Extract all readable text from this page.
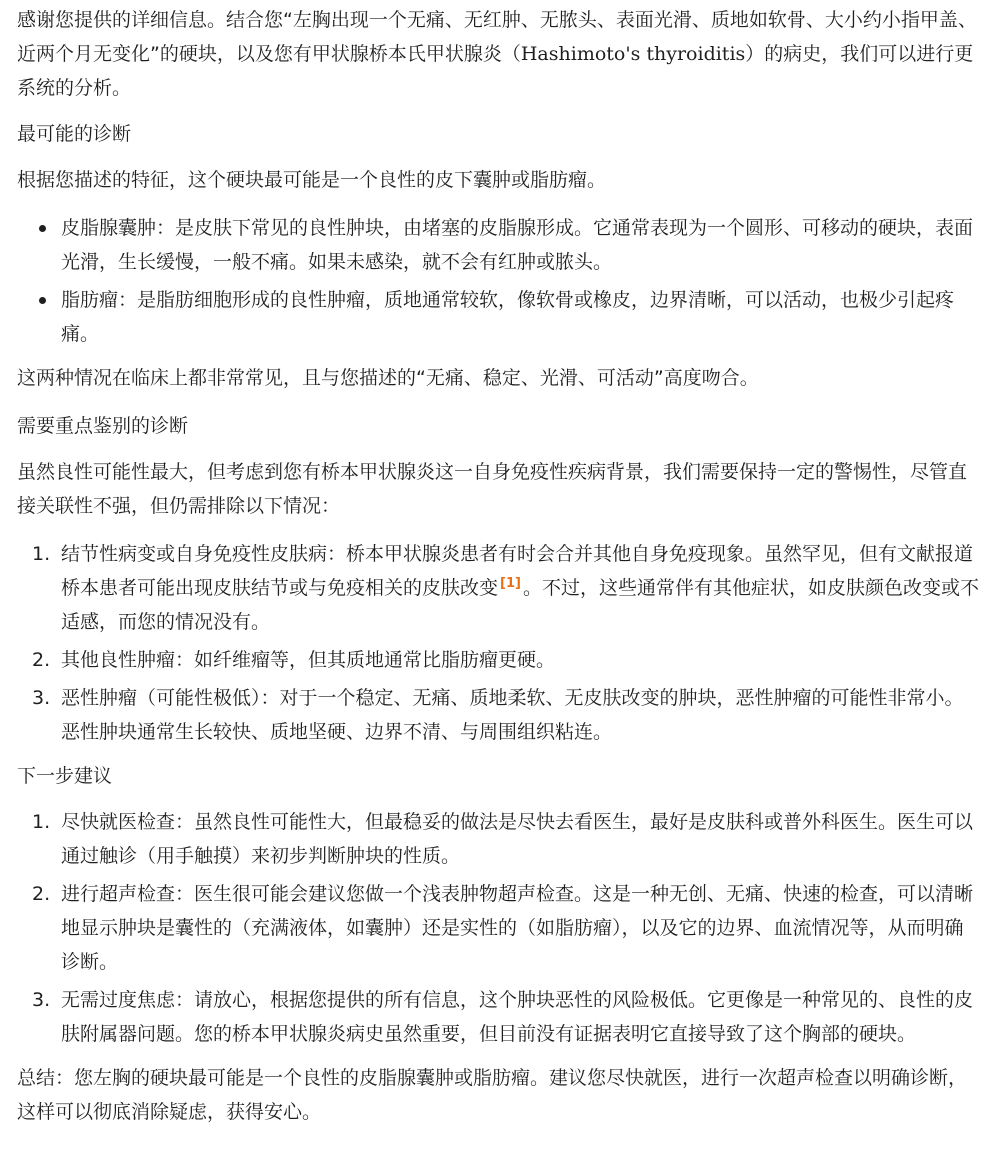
感谢您提供的详细信息。结合您“左胸出现一个无痛、无红肿、无脓头、表面光滑、质地如软骨、大小约小指甲盖、近两个月无变化”的硬块，以及您有甲状腺桥本氏甲状腺炎（Hashimoto's thyroiditis）的病史，我们可以进行更系统的分析。

最可能的诊断

根据您描述的特征，这个硬块最可能是一个良性的皮下囊肿或脂肪瘤。

皮脂腺囊肿：是皮肤下常见的良性肿块，由堵塞的皮脂腺形成。它通常表现为一个圆形、可移动的硬块，表面光滑，生长缓慢，一般不痛。如果未感染，就不会有红肿或脓头。
脂肪瘤：是脂肪细胞形成的良性肿瘤，质地通常较软，像软骨或橡皮，边界清晰，可以活动，也极少引起疼痛。

这两种情况在临床上都非常常见，且与您描述的“无痛、稳定、光滑、可活动”高度吻合。

需要重点鉴别的诊断

虽然良性可能性最大，但考虑到您有桥本甲状腺炎这一自身免疫性疾病背景，我们需要保持一定的警惕性，尽管直接关联性不强，但仍需排除以下情况：

1. 结节性病变或自身免疫性皮肤病：桥本甲状腺炎患者有时会合并其他自身免疫现象。虽然罕见，但有文献报道桥本患者可能出现皮肤结节或与免疫相关的皮肤改变 [1] 。不过，这些通常伴有其他症状，如皮肤颜色改变或不适感，而您的情况没有。
2. 其他良性肿瘤：如纤维瘤等，但其质地通常比脂肪瘤更硬。
3. 恶性肿瘤（可能性极低）：对于一个稳定、无痛、质地柔软、无皮肤改变的肿块，恶性肿瘤的可能性非常小。恶性肿块通常生长较快、质地坚硬、边界不清、与周围组织粘连。

下一步建议

1. 尽快就医检查：虽然良性可能性大，但最稳妥的做法是尽快去看医生，最好是皮肤科或普外科医生。医生可以通过触诊（用手触摸）来初步判断肿块的性质。
2. 进行超声检查：医生很可能会建议您做一个浅表肿物超声检查。这是一种无创、无痛、快速的检查，可以清晰地显示肿块是囊性的（充满液体，如囊肿）还是实性的（如脂肪瘤），以及它的边界、血流情况等，从而明确诊断。
3. 无需过度焦虑：请放心，根据您提供的所有信息，这个肿块恶性的风险极低。它更像是一种常见的、良性的皮肤附属器问题。您的桥本甲状腺炎病史虽然重要，但目前没有证据表明它直接导致了这个胸部的硬块。

总结：您左胸的硬块最可能是一个良性的皮脂腺囊肿或脂肪瘤。建议您尽快就医，进行一次超声检查以明确诊断，这样可以彻底消除疑虑，获得安心。
